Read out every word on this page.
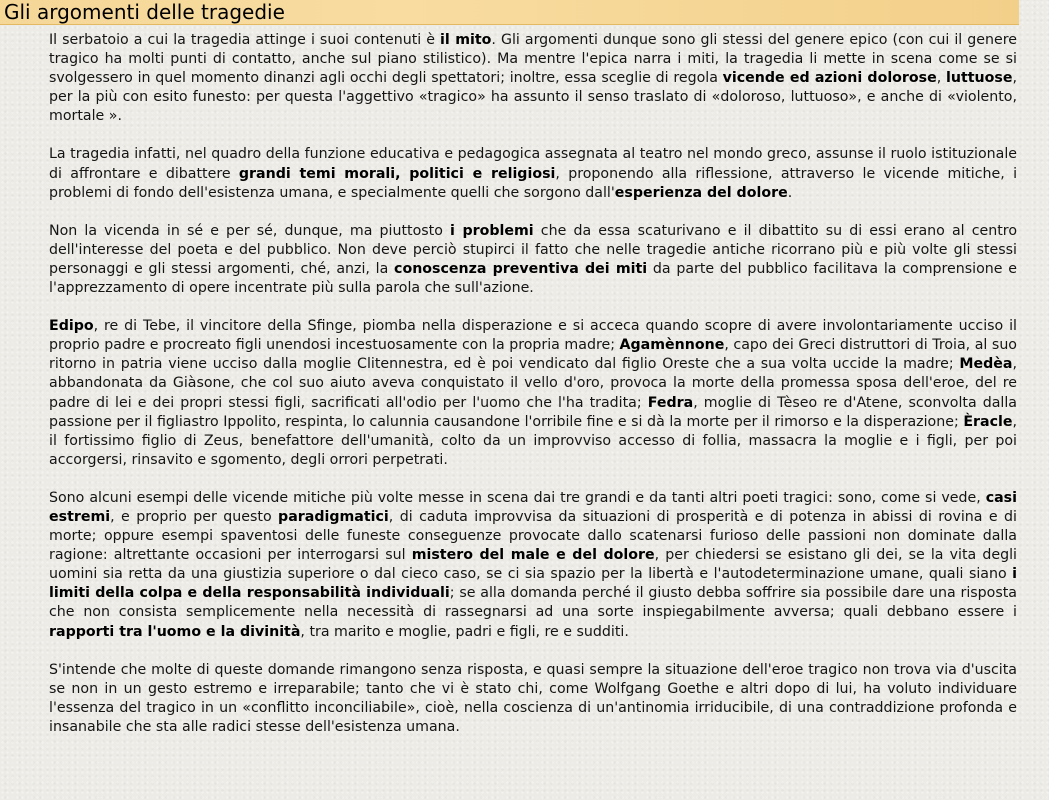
Gli argomenti delle tragedie

Il serbatoio a cui la tragedia attinge i suoi contenuti è il mito. Gli argomenti dunque sono gli stessi del genere epico (con cui il genere tragico ha molti punti di contatto, anche sul piano stilistico). Ma mentre l'epica narra i miti, la tragedia li mette in scena come se si svolgessero in quel momento dinanzi agli occhi degli spettatori; inoltre, essa sceglie di regola vicende ed azioni dolorose, luttuose, per la più con esito funesto: per questa l'aggettivo «tragico» ha assunto il senso traslato di «doloroso, luttuoso», e anche di «violento, mortale ».

La tragedia infatti, nel quadro della funzione educativa e pedagogica assegnata al teatro nel mondo greco, assunse il ruolo istituzionale di affrontare e dibattere grandi temi morali, politici e religiosi, proponendo alla riflessione, attraverso le vicende mitiche, i problemi di fondo dell'esistenza umana, e specialmente quelli che sorgono dall'esperienza del dolore.

Non la vicenda in sé e per sé, dunque, ma piuttosto i problemi che da essa scaturivano e il dibattito su di essi erano al centro dell'interesse del poeta e del pubblico. Non deve perciò stupirci il fatto che nelle tragedie antiche ricorrano più e più volte gli stessi personaggi e gli stessi argomenti, ché, anzi, la conoscenza preventiva dei miti da parte del pubblico facilitava la comprensione e l'apprezzamento di opere incentrate più sulla parola che sull'azione.

Edipo, re di Tebe, il vincitore della Sfinge, piomba nella disperazione e si acceca quando scopre di avere involontariamente ucciso il proprio padre e procreato figli unendosi incestuosamente con la propria madre; Agamènnone, capo dei Greci distruttori di Troia, al suo ritorno in patria viene ucciso dalla moglie Clitennestra, ed è poi vendicato dal figlio Oreste che a sua volta uccide la madre; Medèa, abbandonata da Giàsone, che col suo aiuto aveva conquistato il vello d'oro, provoca la morte della promessa sposa dell'eroe, del re padre di lei e dei propri stessi figli, sacrificati all'odio per l'uomo che l'ha tradita; Fedra, moglie di Tèseo re d'Atene, sconvolta dalla passione per il figliastro Ippolito, respinta, lo calunnia causandone l'orribile fine e si dà la morte per il rimorso e la disperazione; Èracle, il fortissimo figlio di Zeus, benefattore dell'umanità, colto da un improvviso accesso di follia, massacra la moglie e i figli, per poi accorgersi, rinsavito e sgomento, degli orrori perpetrati.

Sono alcuni esempi delle vicende mitiche più volte messe in scena dai tre grandi e da tanti altri poeti tragici: sono, come si vede, casi estremi, e proprio per questo paradigmatici, di caduta improvvisa da situazioni di prosperità e di potenza in abissi di rovina e di morte; oppure esempi spaventosi delle funeste conseguenze provocate dallo scatenarsi furioso delle passioni non dominate dalla ragione: altrettante occasioni per interrogarsi sul mistero del male e del dolore, per chiedersi se esistano gli dei, se la vita degli uomini sia retta da una giustizia superiore o dal cieco caso, se ci sia spazio per la libertà e l'autodeterminazione umane, quali siano i limiti della colpa e della responsabilità individuali; se alla domanda perché il giusto debba soffrire sia possibile dare una risposta che non consista semplicemente nella necessità di rassegnarsi ad una sorte inspiegabilmente avversa; quali debbano essere i rapporti tra l'uomo e la divinità, tra marito e moglie, padri e figli, re e sudditi.

S'intende che molte di queste domande rimangono senza risposta, e quasi sempre la situazione dell'eroe tragico non trova via d'uscita se non in un gesto estremo e irreparabile; tanto che vi è stato chi, come Wolfgang Goethe e altri dopo di lui, ha voluto individuare l'essenza del tragico in un «conflitto inconciliabile», cioè, nella coscienza di un'antinomia irriducibile, di una contraddizione profonda e insanabile che sta alle radici stesse dell'esistenza umana.
